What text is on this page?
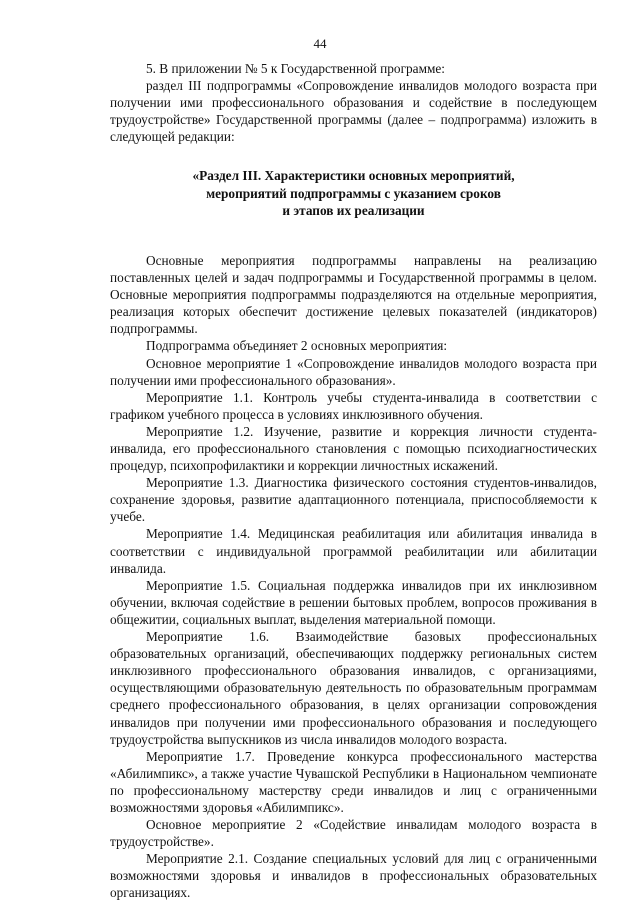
44

5. В приложении № 5 к Государственной программе:

раздел III подпрограммы «Сопровождение инвалидов молодого возраста при получении ими профессионального образования и содействие в последующем трудоустройстве» Государственной программы (далее – подпрограмма) изложить в следующей редакции:

«Раздел III. Характеристики основных мероприятий,
мероприятий подпрограммы с указанием сроков
и этапов их реализации

Основные мероприятия подпрограммы направлены на реализацию поставленных целей и задач подпрограммы и Государственной программы в целом. Основные мероприятия подпрограммы подразделяются на отдельные мероприятия, реализация которых обеспечит достижение целевых показателей (индикаторов) подпрограммы.

Подпрограмма объединяет 2 основных мероприятия:

Основное мероприятие 1 «Сопровождение инвалидов молодого возраста при получении ими профессионального образования».

Мероприятие 1.1. Контроль учебы студента-инвалида в соответствии с графиком учебного процесса в условиях инклюзивного обучения.

Мероприятие 1.2. Изучение, развитие и коррекция личности студента-инвалида, его профессионального становления с помощью психодиагностических процедур, психопрофилактики и коррекции личностных искажений.

Мероприятие 1.3. Диагностика физического состояния студентов-инвалидов, сохранение здоровья, развитие адаптационного потенциала, приспособляемости к учебе.

Мероприятие 1.4. Медицинская реабилитация или абилитация инвалида в соответствии с индивидуальной программой реабилитации или абилитации инвалида.

Мероприятие 1.5. Социальная поддержка инвалидов при их инклюзивном обучении, включая содействие в решении бытовых проблем, вопросов проживания в общежитии, социальных выплат, выделения материальной помощи.

Мероприятие 1.6. Взаимодействие базовых профессиональных образовательных организаций, обеспечивающих поддержку региональных систем инклюзивного профессионального образования инвалидов, с организациями, осуществляющими образовательную деятельность по образовательным программам среднего профессионального образования, в целях организации сопровождения инвалидов при получении ими профессионального образования и последующего трудоустройства выпускников из числа инвалидов молодого возраста.

Мероприятие 1.7. Проведение конкурса профессионального мастерства «Абилимпикс», а также участие Чувашской Республики в Национальном чемпионате по профессиональному мастерству среди инвалидов и лиц с ограниченными возможностями здоровья «Абилимпикс».

Основное мероприятие 2 «Содействие инвалидам молодого возраста в трудоустройстве».

Мероприятие 2.1. Создание специальных условий для лиц с ограниченными возможностями здоровья и инвалидов в профессиональных образовательных организациях.
